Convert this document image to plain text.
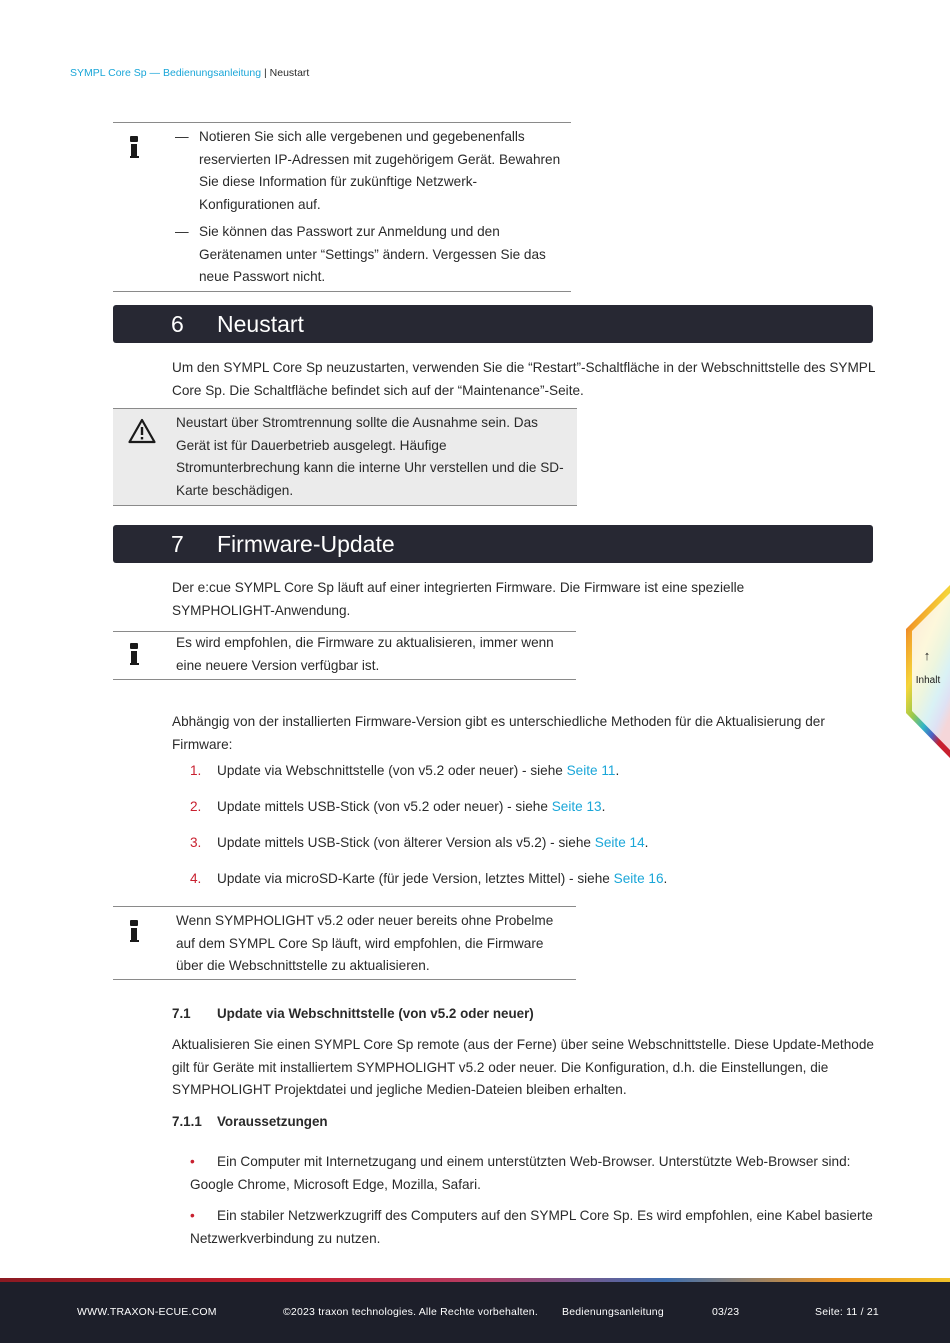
SYMPL Core Sp — Bedienungsanleitung | Neustart
— Notieren Sie sich alle vergebenen und gegebenenfalls reservierten IP-Adressen mit zugehörigem Gerät. Bewahren Sie diese Information für zukünftige Netzwerk-Konfigurationen auf.
— Sie können das Passwort zur Anmeldung und den Gerätenamen unter “Settings” ändern. Vergessen Sie das neue Passwort nicht.
6 Neustart
Um den SYMPL Core Sp neuzustarten, verwenden Sie die “Restart”-Schaltfläche in der Webschnittstelle des SYMPL Core Sp. Die Schaltfläche befindet sich auf der “Maintenance”-Seite.
Neustart über Stromtrennung sollte die Ausnahme sein. Das Gerät ist für Dauerbetrieb ausgelegt. Häufige Stromunterbrechung kann die interne Uhr verstellen und die SD-Karte beschädigen.
7 Firmware-Update
Der e:cue SYMPL Core Sp läuft auf einer integrierten Firmware. Die Firmware ist eine spezielle SYMPHOLIGHT-Anwendung.
Es wird empfohlen, die Firmware zu aktualisieren, immer wenn eine neuere Version verfügbar ist.
Abhängig von der installierten Firmware-Version gibt es unterschiedliche Methoden für die Aktualisierung der Firmware:
1. Update via Webschnittstelle (von v5.2 oder neuer) - siehe Seite 11.
2. Update mittels USB-Stick (von v5.2 oder neuer) - siehe Seite 13.
3. Update mittels USB-Stick (von älterer Version als v5.2) - siehe Seite 14.
4. Update via microSD-Karte (für jede Version, letztes Mittel) - siehe Seite 16.
Wenn SYMPHOLIGHT v5.2 oder neuer bereits ohne Probelme auf dem SYMPL Core Sp läuft, wird empfohlen, die Firmware über die Webschnittstelle zu aktualisieren.
7.1 Update via Webschnittstelle (von v5.2 oder neuer)
Aktualisieren Sie einen SYMPL Core Sp remote (aus der Ferne) über seine Webschnittstelle. Diese Update-Methode gilt für Geräte mit installiertem SYMPHOLIGHT v5.2 oder neuer. Die Konfiguration, d.h. die Einstellungen, die SYMPHOLIGHT Projektdatei und jegliche Medien-Dateien bleiben erhalten.
7.1.1 Voraussetzungen
• Ein Computer mit Internetzugang und einem unterstützten Web-Browser. Unterstützte Web-Browser sind: Google Chrome, Microsoft Edge, Mozilla, Safari.
• Ein stabiler Netzwerkzugriff des Computers auf den SYMPL Core Sp. Es wird empfohlen, eine Kabel basierte Netzwerkverbindung zu nutzen.
↑
Inhalt
WWW.TRAXON-ECUE.COM	©2023 traxon technologies. Alle Rechte vorbehalten. Bedienungsanleitung	03/23	Seite: 11 / 21
